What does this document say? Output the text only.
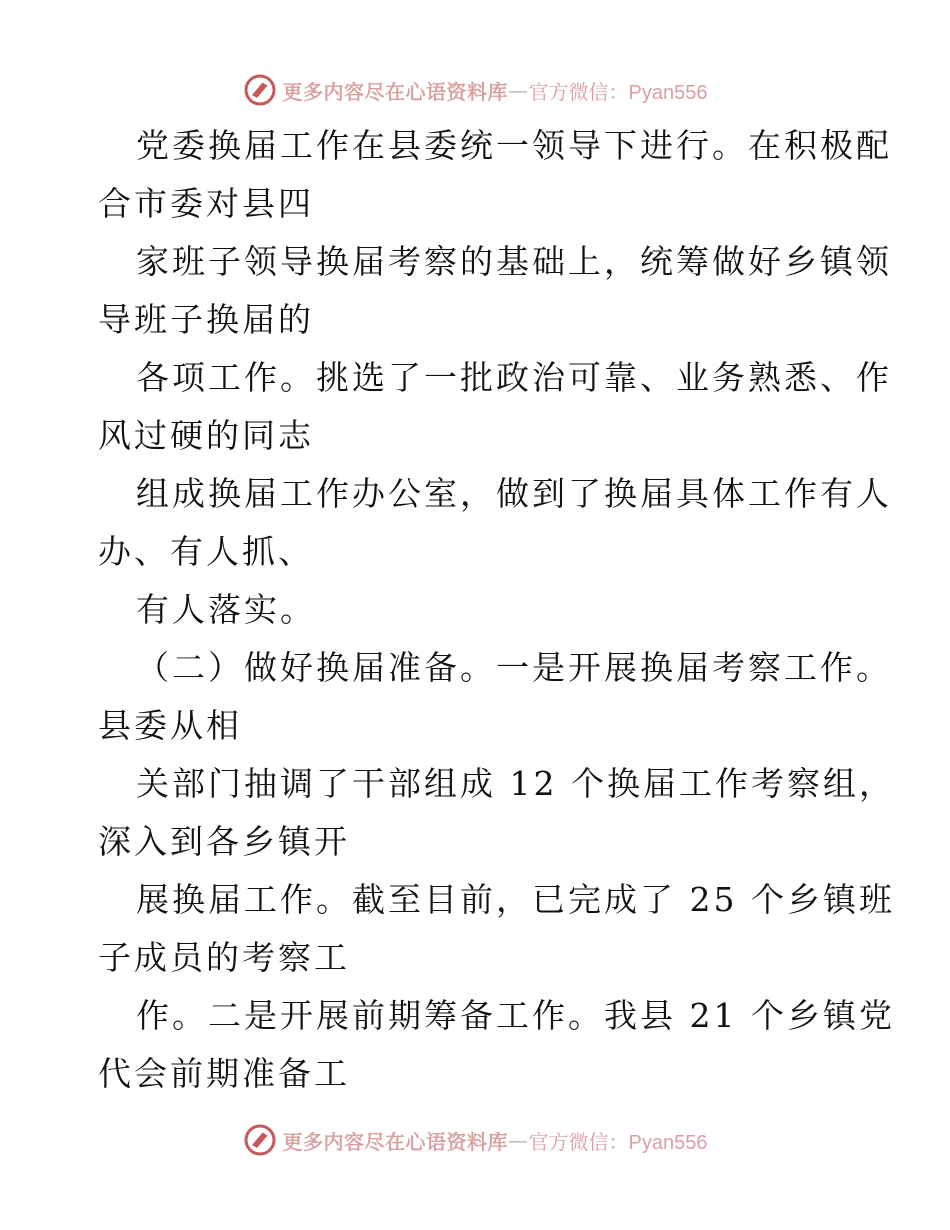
更多内容尽在心语资料库 — 官方微信：Pyan556
党委换届工作在县委统一领导下进行。在积极配
合市委对县四
家班子领导换届考察的基础上，统筹做好乡镇领
导班子换届的
各项工作。挑选了一批政治可靠、业务熟悉、作
风过硬的同志
组成换届工作办公室，做到了换届具体工作有人
办、有人抓、
有人落实。
（二）做好换届准备。一是开展换届考察工作。
县委从相
关部门抽调了干部组成 12 个换届工作考察组，
深入到各乡镇开
展换届工作。截至目前，已完成了 25 个乡镇班
子成员的考察工
作。二是开展前期筹备工作。我县 21 个乡镇党
代会前期准备工
更多内容尽在心语资料库 — 官方微信：Pyan556
